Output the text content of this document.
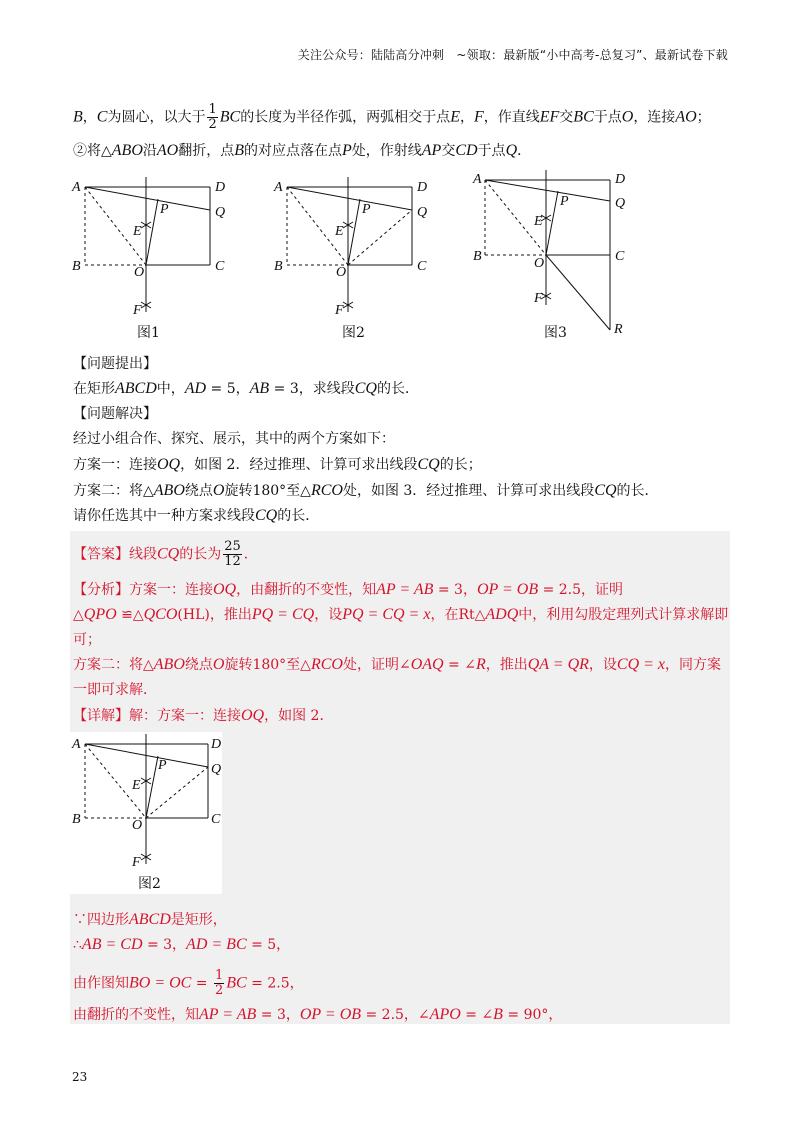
关注公众号：陆陆高分冲刺　~领取：最新版“小中高考-总复习”、最新试卷下载
B，C为圆心，以大于 $\frac{1}{2}$ BC的长度为半径作弧，两弧相交于点E，F，作直线EF交BC于点O，连接AO；
②将△ABO沿AO翻折，点B的对应点落在点P处，作射线AP交CD于点Q．
A	D
Q
P
E
B	O	C
F
图1
A	D
Q
P
E
B	O	C
F
图2
A	D
Q
P
E
B	O	C
F
R
图3
【问题提出】
在矩形ABCD中，AD = 5，AB = 3，求线段CQ的长．
【问题解决】
经过小组合作、探究、展示，其中的两个方案如下：
方案一：连接OQ，如图 2．经过推理、计算可求出线段CQ的长；
方案二：将△ABO绕点O旋转180°至△RCO处，如图 3．经过推理、计算可求出线段CQ的长．
请你任选其中一种方案求线段CQ的长．
【答案】线段CQ的长为 $\frac{25}{12}$ ．
【分析】方案一：连接OQ，由翻折的不变性，知AP = AB = 3，OP = OB = 2.5，证明
△QPO ≌△QCO(HL)，推出PQ = CQ，设PQ = CQ = x，在Rt△ADQ中，利用勾股定理列式计算求解即
可；
方案二：将△ABO绕点O旋转180°至△RCO处，证明∠OAQ = ∠R，推出QA = QR，设CQ = x，同方案
一即可求解．
【详解】解：方案一：连接OQ，如图 2．
A	D
Q
P
E
B	O	C
F
图2
∵四边形ABCD是矩形，
∴AB = CD = 3，AD = BC = 5，
由作图知BO = OC = $\frac{1}{2}$ BC = 2.5，
由翻折的不变性，知AP = AB = 3，OP = OB = 2.5，∠APO = ∠B = 90°，
23
